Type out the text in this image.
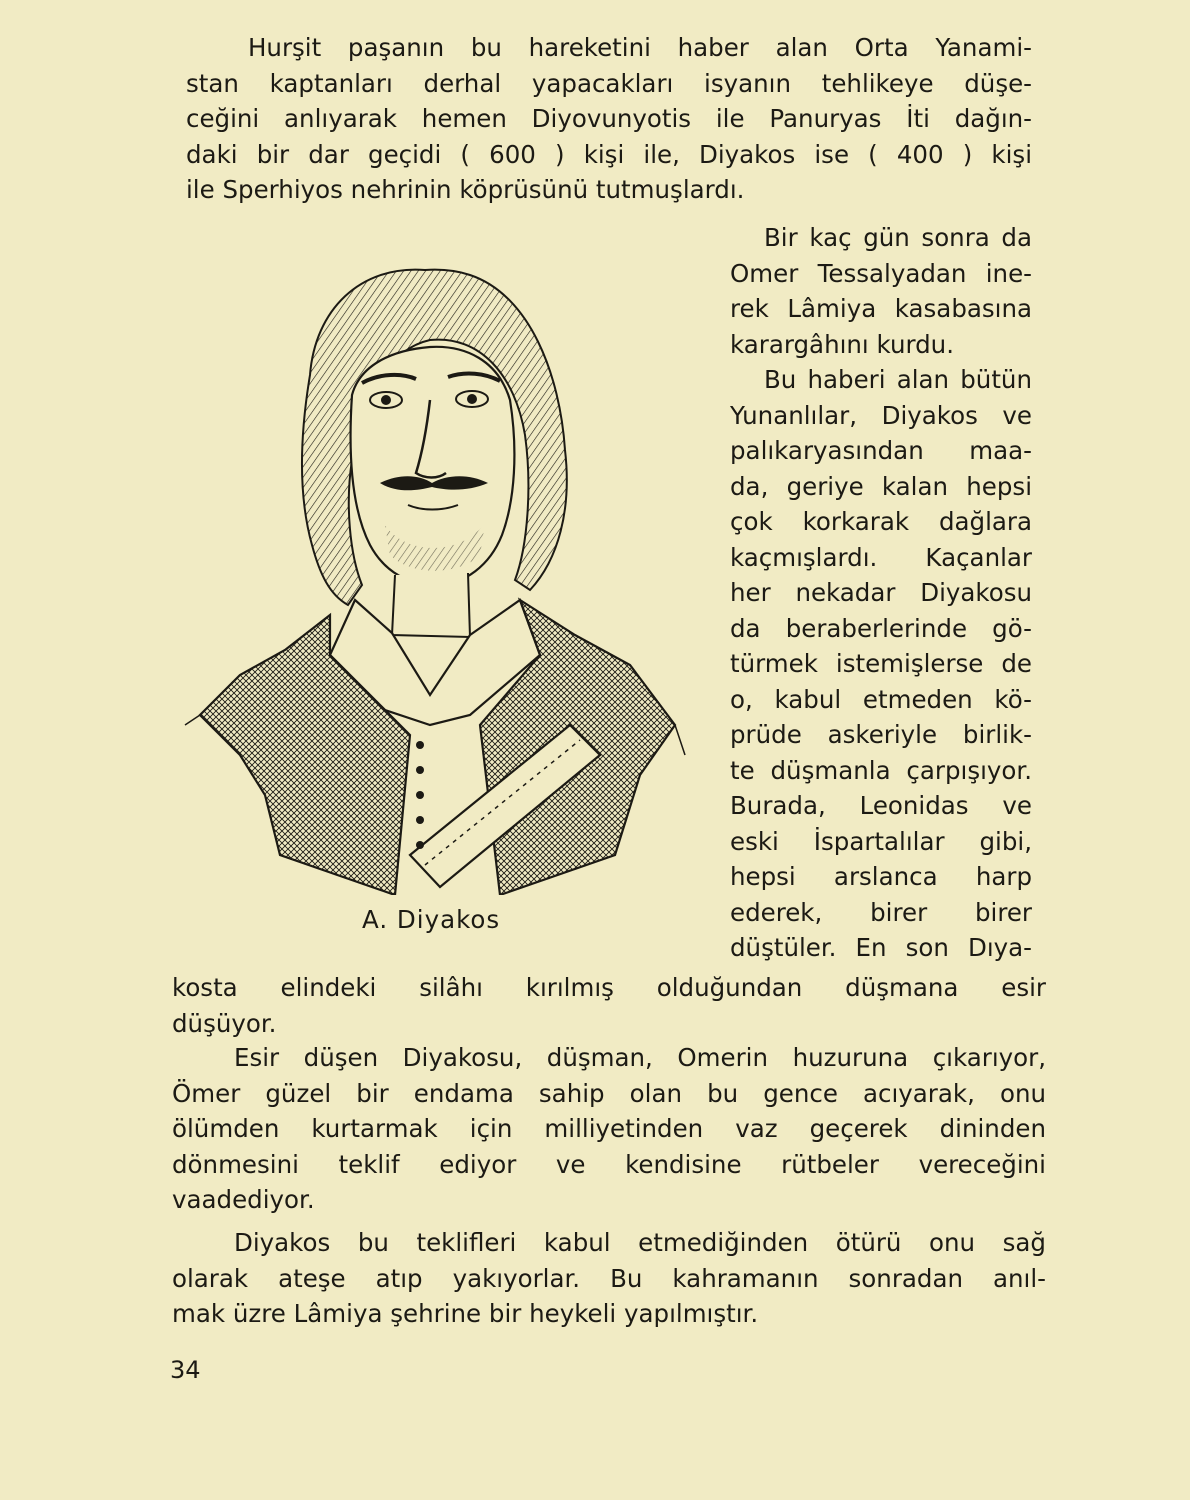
Hurşit paşanın bu hareketini haber alan Orta Yanami-
stan kaptanları derhal yapacakları isyanın tehlikeye düşe-
ceğini anlıyarak hemen Diyovunyotis ile Panuryas İti dağın-
daki bir dar geçidi ( 600 ) kişi ile, Diyakos ise ( 400 ) kişi
ile Sperhiyos nehrinin köprüsünü tutmuşlardı.
Bir kaç gün sonra da
Omer Tessalyadan ine-
rek Lâmiya kasabasına
karargâhını kurdu.
Bu haberi alan bütün
Yunanlılar, Diyakos ve
palıkaryasından maa-
da, geriye kalan hepsi
çok korkarak dağlara
kaçmışlardı. Kaçanlar
her nekadar Diyakosu
da beraberlerinde gö-
türmek istemişlerse de
o, kabul etmeden kö-
prüde askeriyle birlik-
te düşmanla çarpışıyor.
Burada, Leonidas ve
eski İspartalılar gibi,
hepsi arslanca harp
ederek, birer birer
düştüler. En son Dıya-
kosta elindeki silâhı kırılmış olduğundan düşmana esir
düşüyor.
A. Diyakos
Esir düşen Diyakosu, düşman, Omerin huzuruna çıkarıyor,
Ömer güzel bir endama sahip olan bu gence acıyarak, onu
ölümden kurtarmak için milliyetinden vaz geçerek dininden
dönmesini teklif ediyor ve kendisine rütbeler vereceğini
vaadediyor.
Diyakos bu teklifleri kabul etmediğinden ötürü onu sağ
olarak ateşe atıp yakıyorlar. Bu kahramanın sonradan anıl-
mak üzre Lâmiya şehrine bir heykeli yapılmıştır.
34
